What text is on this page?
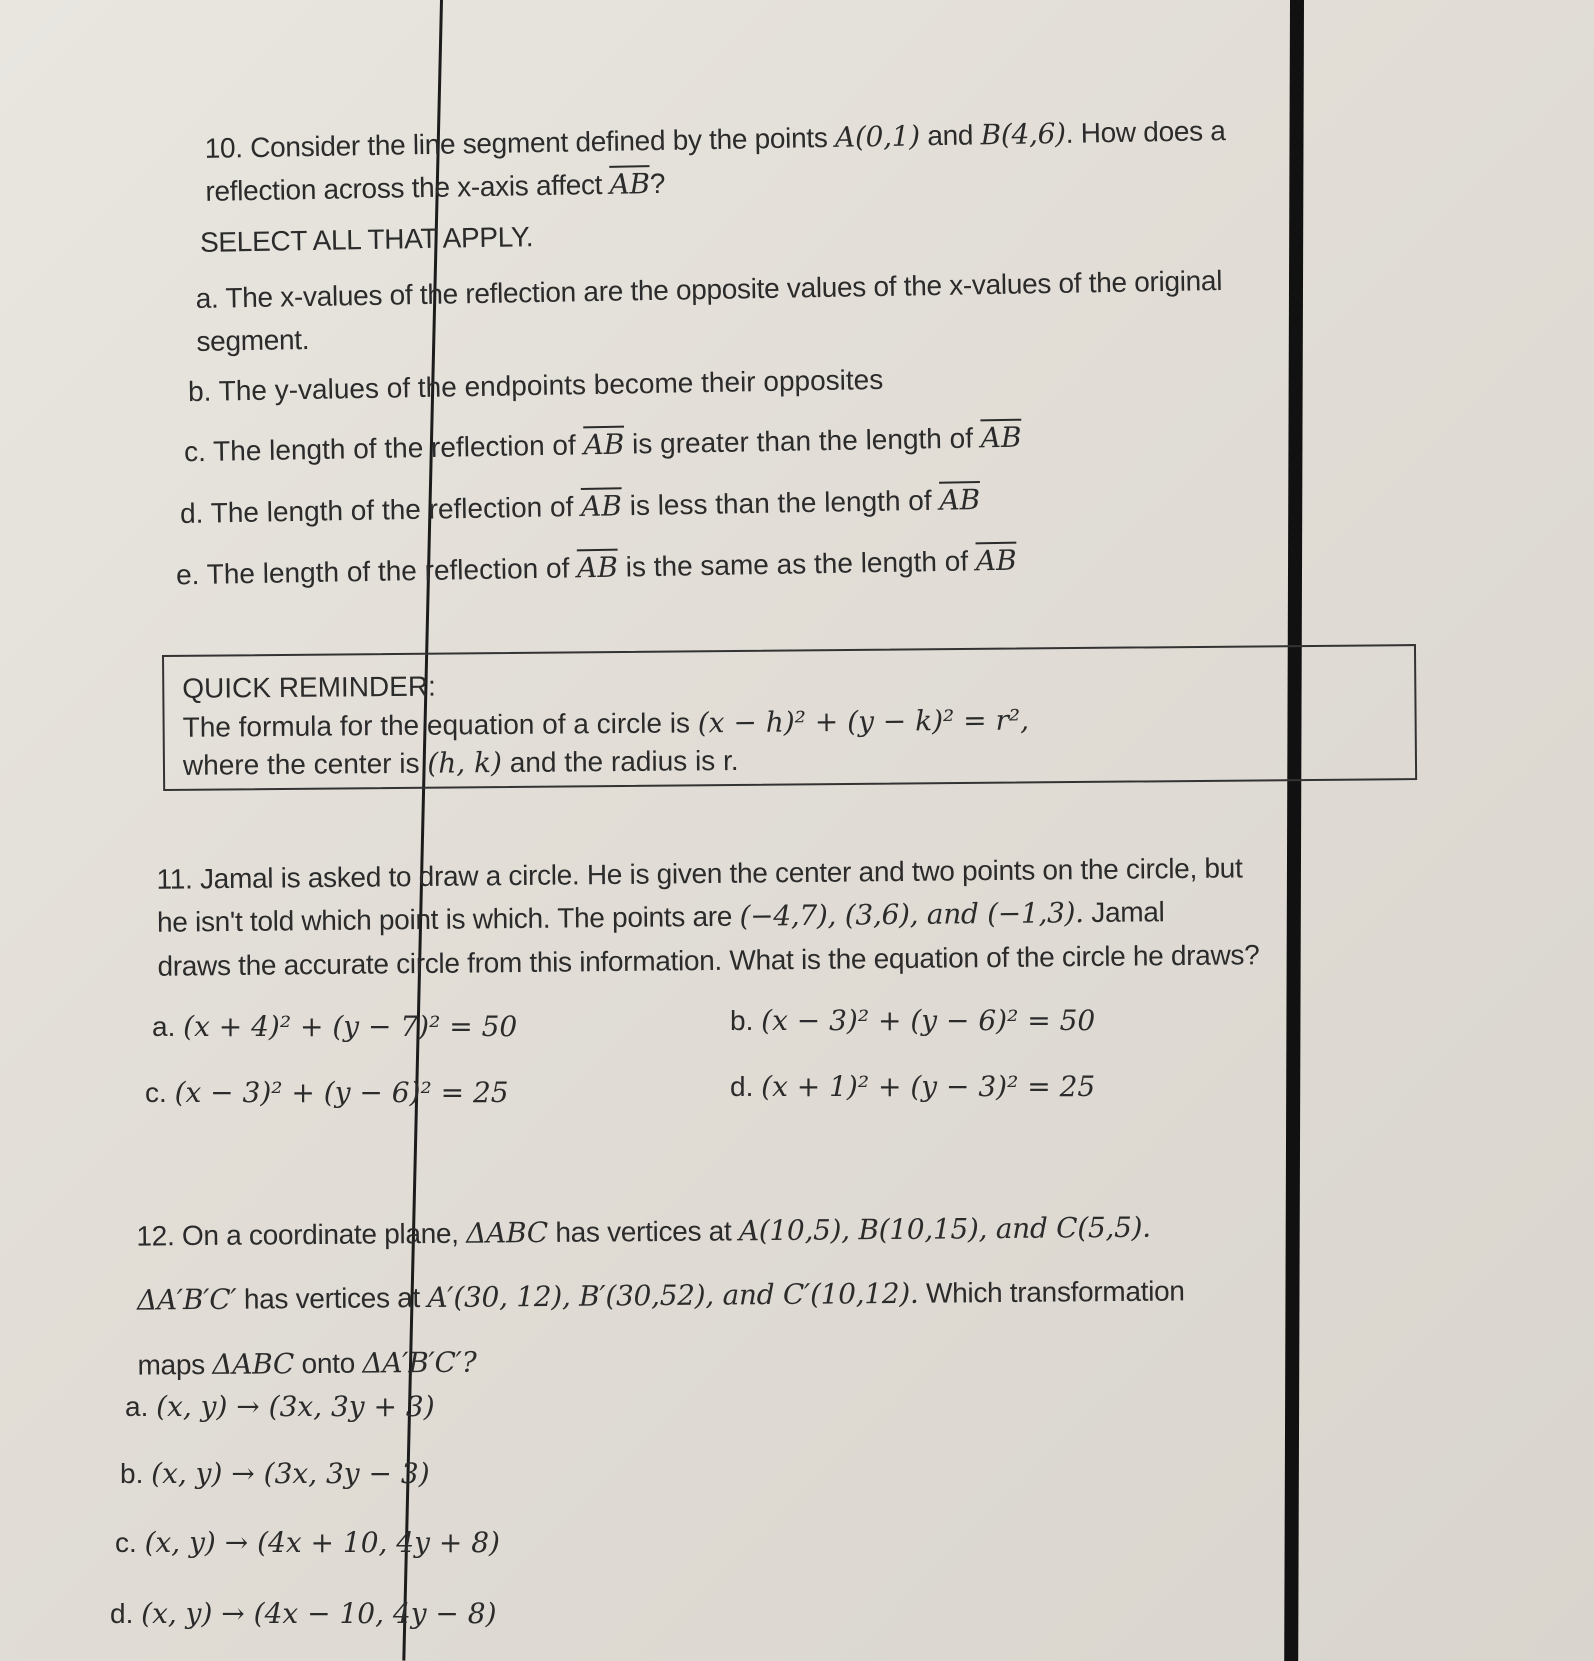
10. Consider the line segment defined by the points A(0,1) and B(4,6). How does a
reflection across the x-axis affect $\overline{AB}$?
SELECT ALL THAT APPLY.
a. The x-values of the reflection are the opposite values of the x-values of the original
segment.
b. The y-values of the endpoints become their opposites
c. The length of the reflection of $\overline{AB}$ is greater than the length of $\overline{AB}$
d. The length of the reflection of $\overline{AB}$ is less than the length of $\overline{AB}$
e. The length of the reflection of $\overline{AB}$ is the same as the length of $\overline{AB}$
QUICK REMINDER:
The formula for the equation of a circle is (x − h)² + (y − k)² = r²,
where the center is (h, k) and the radius is r.
11. Jamal is asked to draw a circle. He is given the center and two points on the circle, but
he isn't told which point is which. The points are (−4,7), (3,6), and (−1,3). Jamal
draws the accurate circle from this information. What is the equation of the circle he draws?
a. (x + 4)² + (y − 7)² = 50	b. (x − 3)² + (y − 6)² = 50
c. (x − 3)² + (y − 6)² = 25	d. (x + 1)² + (y − 3)² = 25
12. On a coordinate plane, ΔABC has vertices at A(10,5), B(10,15), and C(5,5).
ΔA′B′C′ has vertices at A′(30, 12), B′(30,52), and C′(10,12). Which transformation
maps ΔABC onto ΔA′B′C′?
a. (x, y) → (3x, 3y + 3)
b. (x, y) → (3x, 3y − 3)
c. (x, y) → (4x + 10, 4y + 8)
d. (x, y) → (4x − 10, 4y − 8)
